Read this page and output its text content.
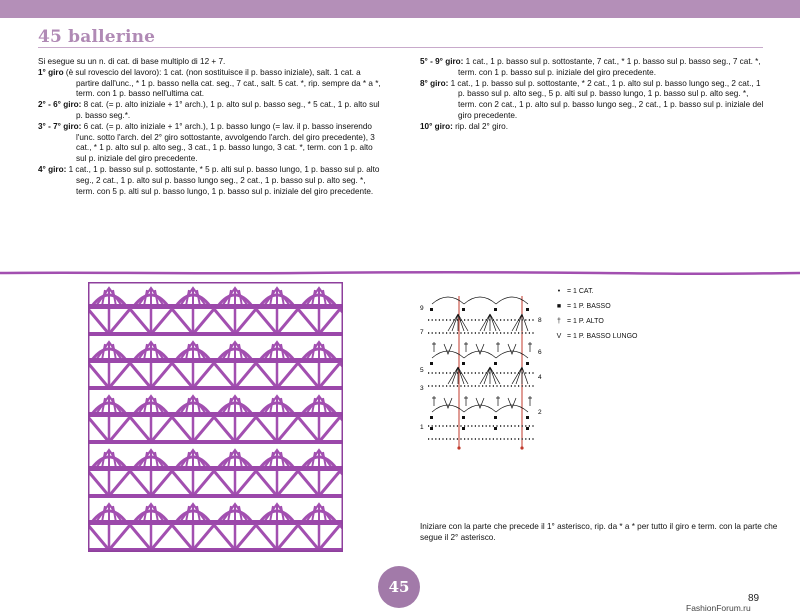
45 ballerine
Si esegue su un n. di cat. di base multiplo di 12 + 7.
1° giro (è sul rovescio del lavoro): 1 cat. (non sostituisce il p. basso iniziale), salt. 1 cat. a partire dall'unc., * 1 p. basso nella cat. seg., 7 cat., salt. 5 cat. *, rip. sempre da * a *, term. con 1 p. basso nell'ultima cat.
2° - 6° giro: 8 cat. (= p. alto iniziale + 1° arch.), 1 p. alto sul p. basso seg., * 5 cat., 1 p. alto sul p. basso seg.*.
3° - 7° giro: 6 cat. (= p. alto iniziale + 1° arch.), 1 p. basso lungo (= lav. il p. basso inserendo l'unc. sotto l'arch. del 2° giro sottostante, avvolgendo l'arch. del giro precedente), 3 cat., * 1 p. alto sul p. alto seg., 3 cat., 1 p. basso lungo, 3 cat. *, term. con 1 p. alto sul p. iniziale del giro precedente.
4° giro: 1 cat., 1 p. basso sul p. sottostante, * 5 p. alti sul p. basso lungo, 1 p. basso sul p. alto seg., 2 cat., 1 p. alto sul p. basso lungo seg., 2 cat., 1 p. basso sul p. alto seg. *, term. con 5 p. alti sul p. basso lungo, 1 p. basso sul p. iniziale del giro precedente.
5° - 9° giro: 1 cat., 1 p. basso sul p. sottostante, 7 cat., * 1 p. basso sul p. basso seg., 7 cat. *, term. con 1 p. basso sul p. iniziale del giro precedente.
8° giro: 1 cat., 1 p. basso sul p. sottostante, * 2 cat., 1 p. alto sul p. basso lungo seg., 2 cat., 1 p. basso sul p. alto seg., 5 p. alti sul p. basso lungo, 1 p. basso sul p. alto seg. *, term. con 2 cat., 1 p. alto sul p. basso lungo seg., 2 cat., 1 p. basso sul p. iniziale del giro precedente.
10° giro: rip. dal 2° giro.
9
7
5
3
1
8
6
4
2
• = 1 CAT.
■ = 1 P. BASSO
† = 1 P. ALTO
V = 1 P. BASSO LUNGO
Iniziare con la parte che precede il 1° asterisco, rip. da * a * per tutto il giro e term. con la parte che segue il 2° asterisco.
45
89
FashionForum.ru
